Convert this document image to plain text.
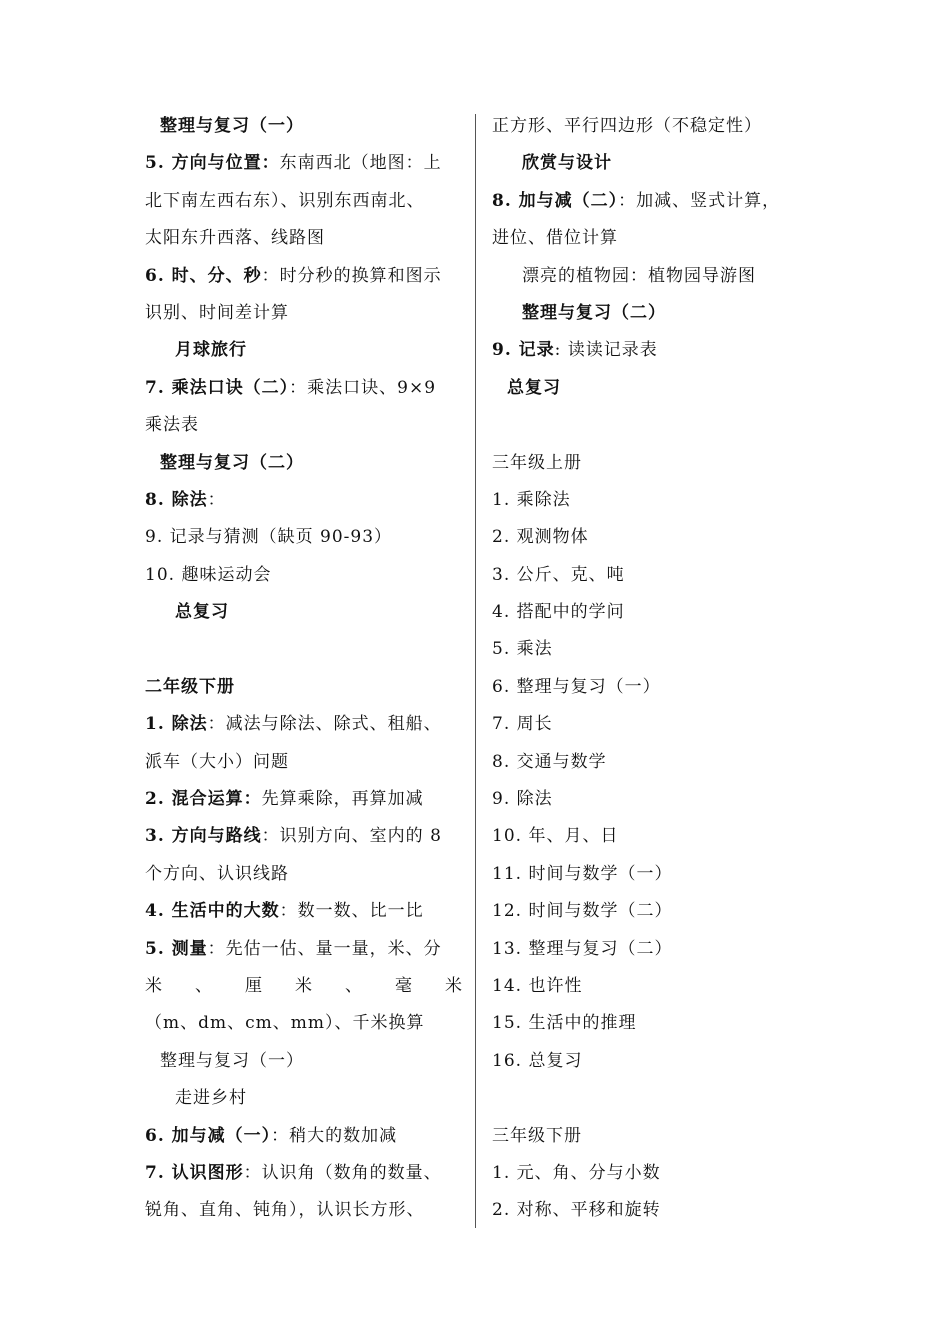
整理与复习（一）
5. 方向与位置：东南西北（地图：上
北下南左西右东）、识别东西南北、
太阳东升西落、线路图
6. 时、分、秒：时分秒的换算和图示
识别、时间差计算
月球旅行
7. 乘法口诀（二）：乘法口诀、9×9
乘法表
整理与复习（二）
8. 除法：
9. 记录与猜测（缺页 90-93）
10. 趣味运动会
总复习
二年级下册
1. 除法：减法与除法、除式、租船、
派车（大小）问题
2. 混合运算：先算乘除，再算加减
3. 方向与路线：识别方向、室内的 8
个方向、认识线路
4. 生活中的大数：数一数、比一比
5. 测量：先估一估、量一量，米、分
米 、 厘 米 、 毫 米
（m、dm、cm、mm）、千米换算
整理与复习（一）
走进乡村
6. 加与减（一）：稍大的数加减
7. 认识图形：认识角（数角的数量、
锐角、直角、钝角），认识长方形、
正方形、平行四边形（不稳定性）
欣赏与设计
8. 加与减（二）：加减、竖式计算，
进位、借位计算
漂亮的植物园：植物园导游图
整理与复习（二）
9. 记录: 读读记录表
总复习
三年级上册
1. 乘除法
2. 观测物体
3. 公斤、克、吨
4. 搭配中的学问
5. 乘法
6. 整理与复习（一）
7. 周长
8. 交通与数学
9. 除法
10. 年、月、日
11. 时间与数学（一）
12. 时间与数学（二）
13. 整理与复习（二）
14. 也许性
15. 生活中的推理
16. 总复习
三年级下册
1. 元、角、分与小数
2. 对称、平移和旋转
